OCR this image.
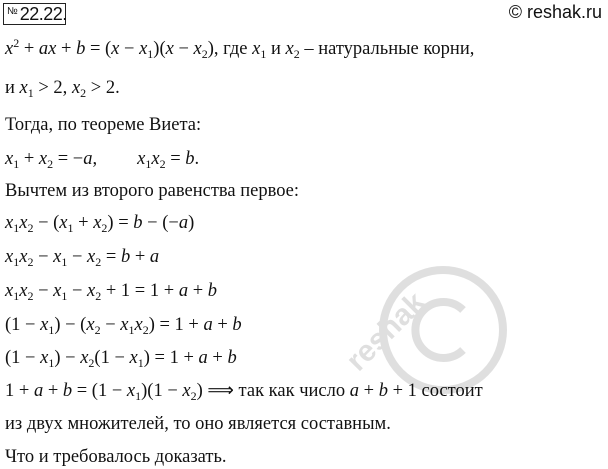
№ 22.22.	© reshak.ru
$x^2$ + ax + $b = (x - x_1)(x - x_2)$, где $x_1$ и $x_2$ – натуральные корни,
и $x_1 > 2$, $x_2 > 2$.
Тогда, по теореме Виета:
$x_1 + x_2 = -a$, $x_1x_2 = b$.
Вычтем из второго равенства первое:
$x_1x_2 - (x_1 + x_2) = b - (-a)$
$x_1x_2 - x_1 - x_2 = b + a$
$x_1x_2 - x_1 - x_2 + 1 = 1 + a + b$
$(1 - x_1) - (x_2 - x_1x_2) = 1 + a + b$
$(1 - x_1) - x_2(1 - x_1) = 1 + a + b$
$1 + a + b = (1 - x_1)(1 - x_2)$ ⟹ так как число a + b + 1 состоит
из двух множителей, то оно является составным.
Что и требовалось доказать.
reshak
